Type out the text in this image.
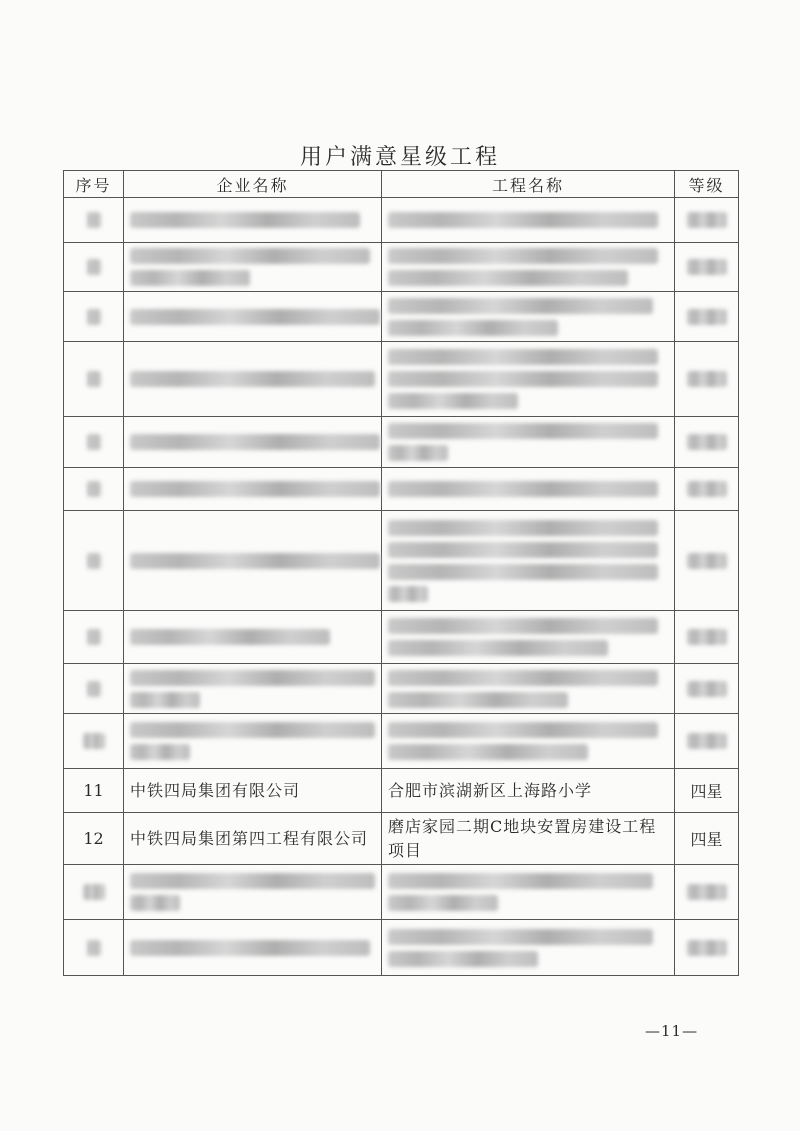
用户满意星级工程
序号	企业名称	工程名称	等级

11	中铁四局集团有限公司	合肥市滨湖新区上海路小学	四星
12	中铁四局集团第四工程有限公司	磨店家园二期C地块安置房建设工程项目	四星

—11—
